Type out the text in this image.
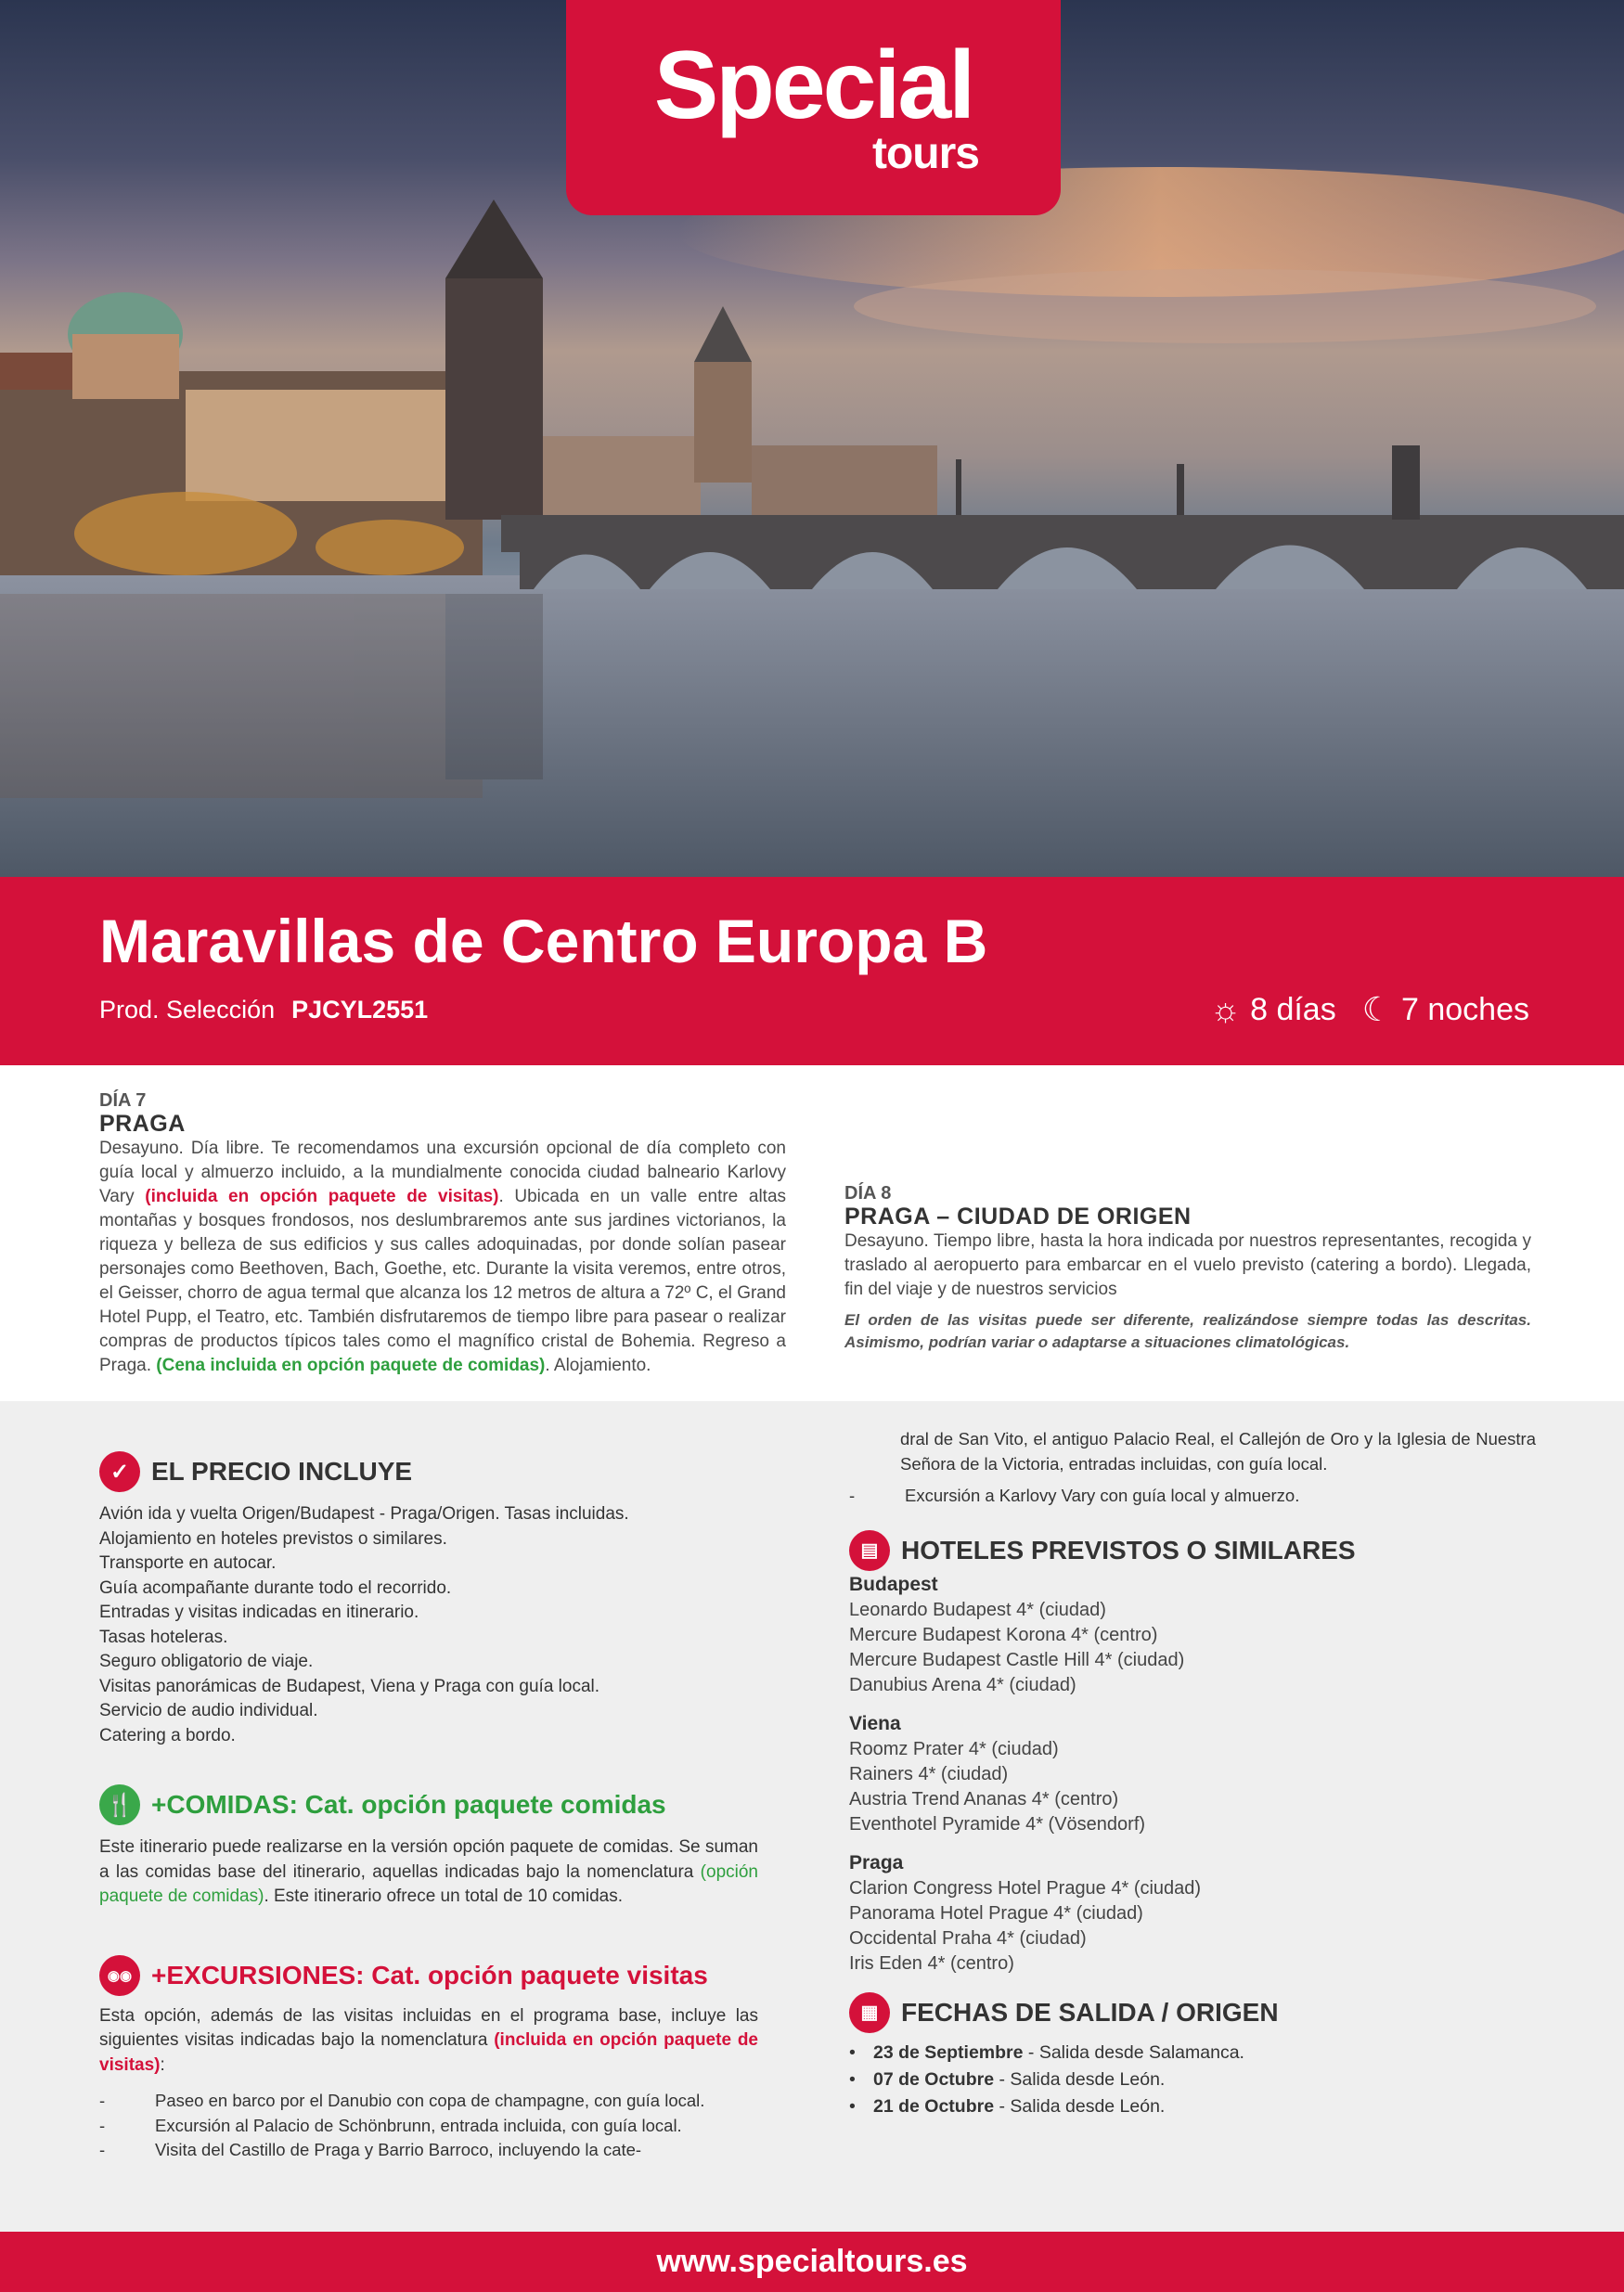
Special
tours
Maravillas de Centro Europa B
Prod. Selección PJCYL2551	☼ 8 días ☾ 7 noches
DÍA 7
PRAGA
Desayuno. Día libre. Te recomendamos una excursión opcional de día completo con guía local y almuerzo incluido, a la mundialmente conocida ciudad balneario Karlovy Vary (incluida en opción paquete de visitas). Ubicada en un valle entre altas montañas y bosques frondosos, nos deslumbraremos ante sus jardines victorianos, la riqueza y belleza de sus edificios y sus calles adoquinadas, por donde solían pasear personajes como Beethoven, Bach, Goethe, etc. Durante la visita veremos, entre otros, el Geisser, chorro de agua termal que alcanza los 12 metros de altura a 72º C, el Grand Hotel Pupp, el Teatro, etc. También disfrutaremos de tiempo libre para pasear o realizar compras de productos típicos tales como el magnífico cristal de Bohemia. Regreso a Praga. (Cena incluida en opción paquete de comidas). Alojamiento.
DÍA 8
PRAGA – CIUDAD DE ORIGEN
Desayuno. Tiempo libre, hasta la hora indicada por nuestros representantes, recogida y traslado al aeropuerto para embarcar en el vuelo previsto (catering a bordo). Llegada, fin del viaje y de nuestros servicios
El orden de las visitas puede ser diferente, realizándose siempre todas las descritas. Asimismo, podrían variar o adaptarse a situaciones climatológicas.
✓ EL PRECIO INCLUYE
Avión ida y vuelta Origen/Budapest - Praga/Origen. Tasas incluidas.
Alojamiento en hoteles previstos o similares.
Transporte en autocar.
Guía acompañante durante todo el recorrido.
Entradas y visitas indicadas en itinerario.
Tasas hoteleras.
Seguro obligatorio de viaje.
Visitas panorámicas de Budapest, Viena y Praga con guía local.
Servicio de audio individual.
Catering a bordo.
🍴 +COMIDAS: Cat. opción paquete comidas
Este itinerario puede realizarse en la versión opción paquete de comidas. Se suman a las comidas base del itinerario, aquellas indicadas bajo la nomenclatura (opción paquete de comidas). Este itinerario ofrece un total de 10 comidas.
◉◉ +EXCURSIONES: Cat. opción paquete visitas
Esta opción, además de las visitas incluidas en el programa base, incluye las siguientes visitas indicadas bajo la nomenclatura (incluida en opción paquete de visitas):
-	Paseo en barco por el Danubio con copa de champagne, con guía local.
-	Excursión al Palacio de Schönbrunn, entrada incluida, con guía local.
-	Visita del Castillo de Praga y Barrio Barroco, incluyendo la cate-
dral de San Vito, el antiguo Palacio Real, el Callejón de Oro y la Iglesia de Nuestra Señora de la Victoria, entradas incluidas, con guía local.
-	Excursión a Karlovy Vary con guía local y almuerzo.
▤ HOTELES PREVISTOS O SIMILARES
Budapest
Leonardo Budapest 4* (ciudad)
Mercure Budapest Korona 4* (centro)
Mercure Budapest Castle Hill 4* (ciudad)
Danubius Arena 4* (ciudad)
Viena
Roomz Prater 4* (ciudad)
Rainers 4* (ciudad)
Austria Trend Ananas 4* (centro)
Eventhotel Pyramide 4* (Vösendorf)
Praga
Clarion Congress Hotel Prague 4* (ciudad)
Panorama Hotel Prague 4* (ciudad)
Occidental Praha 4* (ciudad)
Iris Eden 4* (centro)
▦ FECHAS DE SALIDA / ORIGEN
• 23 de Septiembre - Salida desde Salamanca.
• 07 de Octubre - Salida desde León.
• 21 de Octubre - Salida desde León.
www.specialtours.es
